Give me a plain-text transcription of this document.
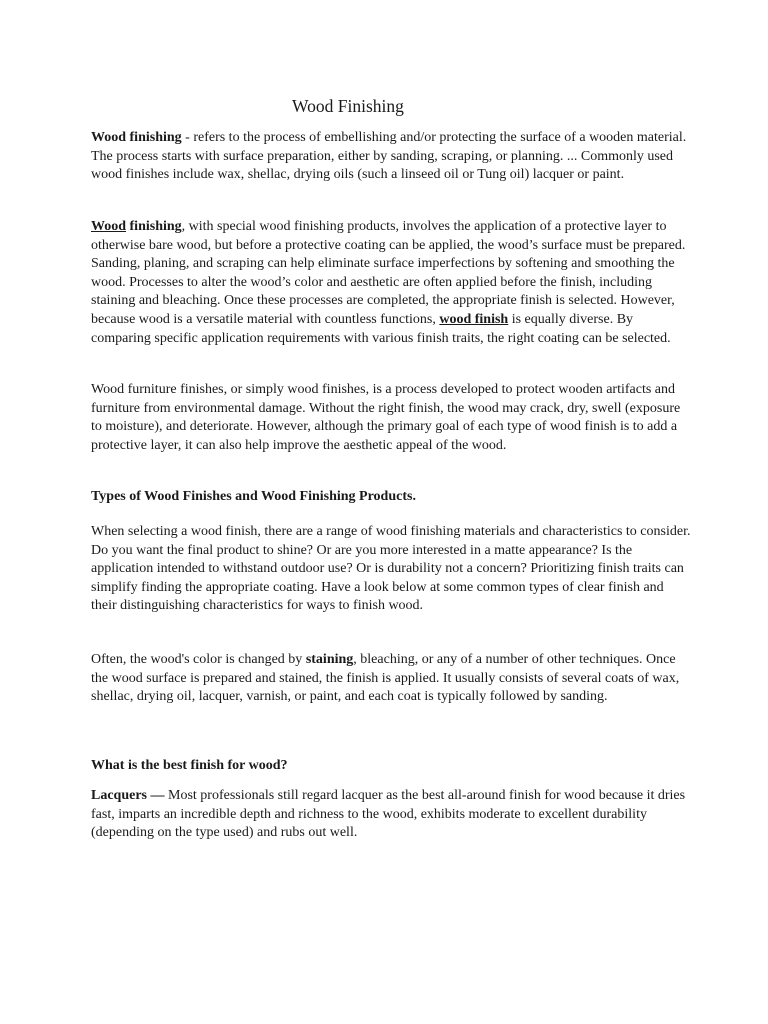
Wood Finishing

Wood finishing - refers to the process of embellishing and/or protecting the surface of a wooden material. The process starts with surface preparation, either by sanding, scraping, or planning. ... Commonly used wood finishes include wax, shellac, drying oils (such a linseed oil or Tung oil) lacquer or paint.

Wood finishing, with special wood finishing products, involves the application of a protective layer to otherwise bare wood, but before a protective coating can be applied, the wood’s surface must be prepared. Sanding, planing, and scraping can help eliminate surface imperfections by softening and smoothing the wood. Processes to alter the wood’s color and aesthetic are often applied before the finish, including staining and bleaching. Once these processes are completed, the appropriate finish is selected. However, because wood is a versatile material with countless functions, wood finish is equally diverse. By comparing specific application requirements with various finish traits, the right coating can be selected.

Wood furniture finishes, or simply wood finishes, is a process developed to protect wooden artifacts and furniture from environmental damage. Without the right finish, the wood may crack, dry, swell (exposure to moisture), and deteriorate. However, although the primary goal of each type of wood finish is to add a protective layer, it can also help improve the aesthetic appeal of the wood.

Types of Wood Finishes and Wood Finishing Products.

When selecting a wood finish, there are a range of wood finishing materials and characteristics to consider. Do you want the final product to shine? Or are you more interested in a matte appearance? Is the application intended to withstand outdoor use? Or is durability not a concern? Prioritizing finish traits can simplify finding the appropriate coating. Have a look below at some common types of clear finish and their distinguishing characteristics for ways to finish wood.

Often, the wood's color is changed by staining, bleaching, or any of a number of other techniques. Once the wood surface is prepared and stained, the finish is applied. It usually consists of several coats of wax, shellac, drying oil, lacquer, varnish, or paint, and each coat is typically followed by sanding.

What is the best finish for wood?

Lacquers — Most professionals still regard lacquer as the best all-around finish for wood because it dries fast, imparts an incredible depth and richness to the wood, exhibits moderate to excellent durability (depending on the type used) and rubs out well.
